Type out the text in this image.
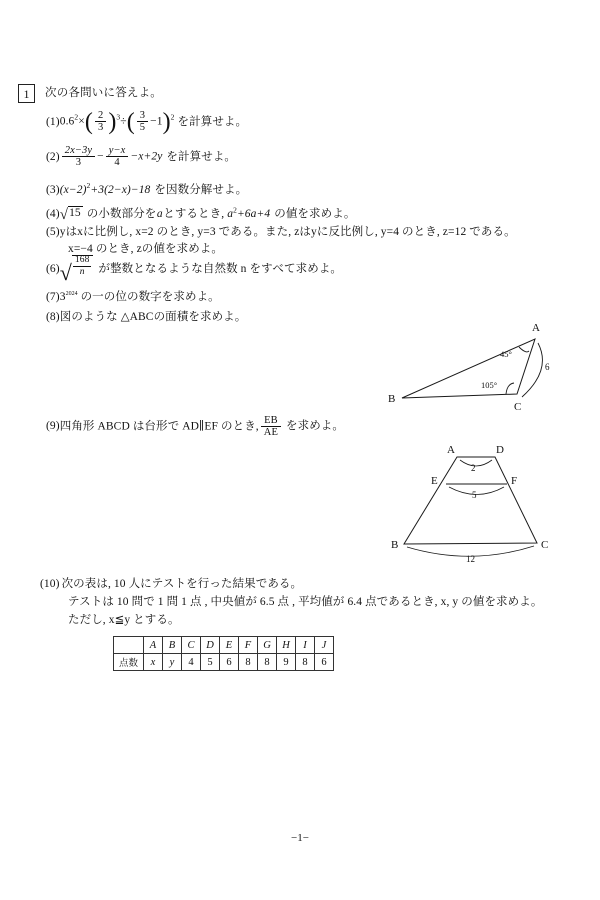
1	次の各問いに答えよ。
$(1)0.6^2\times( \frac{2}{3} )^3\div( \frac{3}{5} -1)^2$ を計算せよ。
$(2) \frac{2x-3y}{3} - \frac{y-x}{4} -x+2y$ を計算せよ。
$(3)(x-2)^2+3(2-x)-18$ を因数分解せよ。
(4)√15 の小数部分をaとするとき, $a^2+6a+4$ の値を求めよ。
(5)yはxに比例し, x=2 のとき, y=3 である。また, zはyに反比例し, y=4 のとき, z=12 である。
x=−4 のとき, zの値を求めよ。
$(6)√ \frac{168}{n}$ が整数となるような自然数 n をすべて求めよ。
$(7)3^{2024}$ の一の位の数字を求めよ。
(8)図のような △ABCの面積を求めよ。
A
B
C
45°
105°
6
(9)四角形 ABCD は台形で AD∥EF のとき, $\frac{EB}{AE}$ を求めよ。
A	D
E	F
B	C
2
5
12
(10) 次の表は, 10 人にテストを行った結果である。
テストは 10 問で 1 問 1 点 , 中央値が 6.5 点 , 平均値が 6.4 点であるとき, x, y の値を求めよ。
ただし, x≦y とする。
	A	B	C	D	E	F	G	H	I	J
点数	x	y	4	5	6	8	8	9	8	6
−1−
